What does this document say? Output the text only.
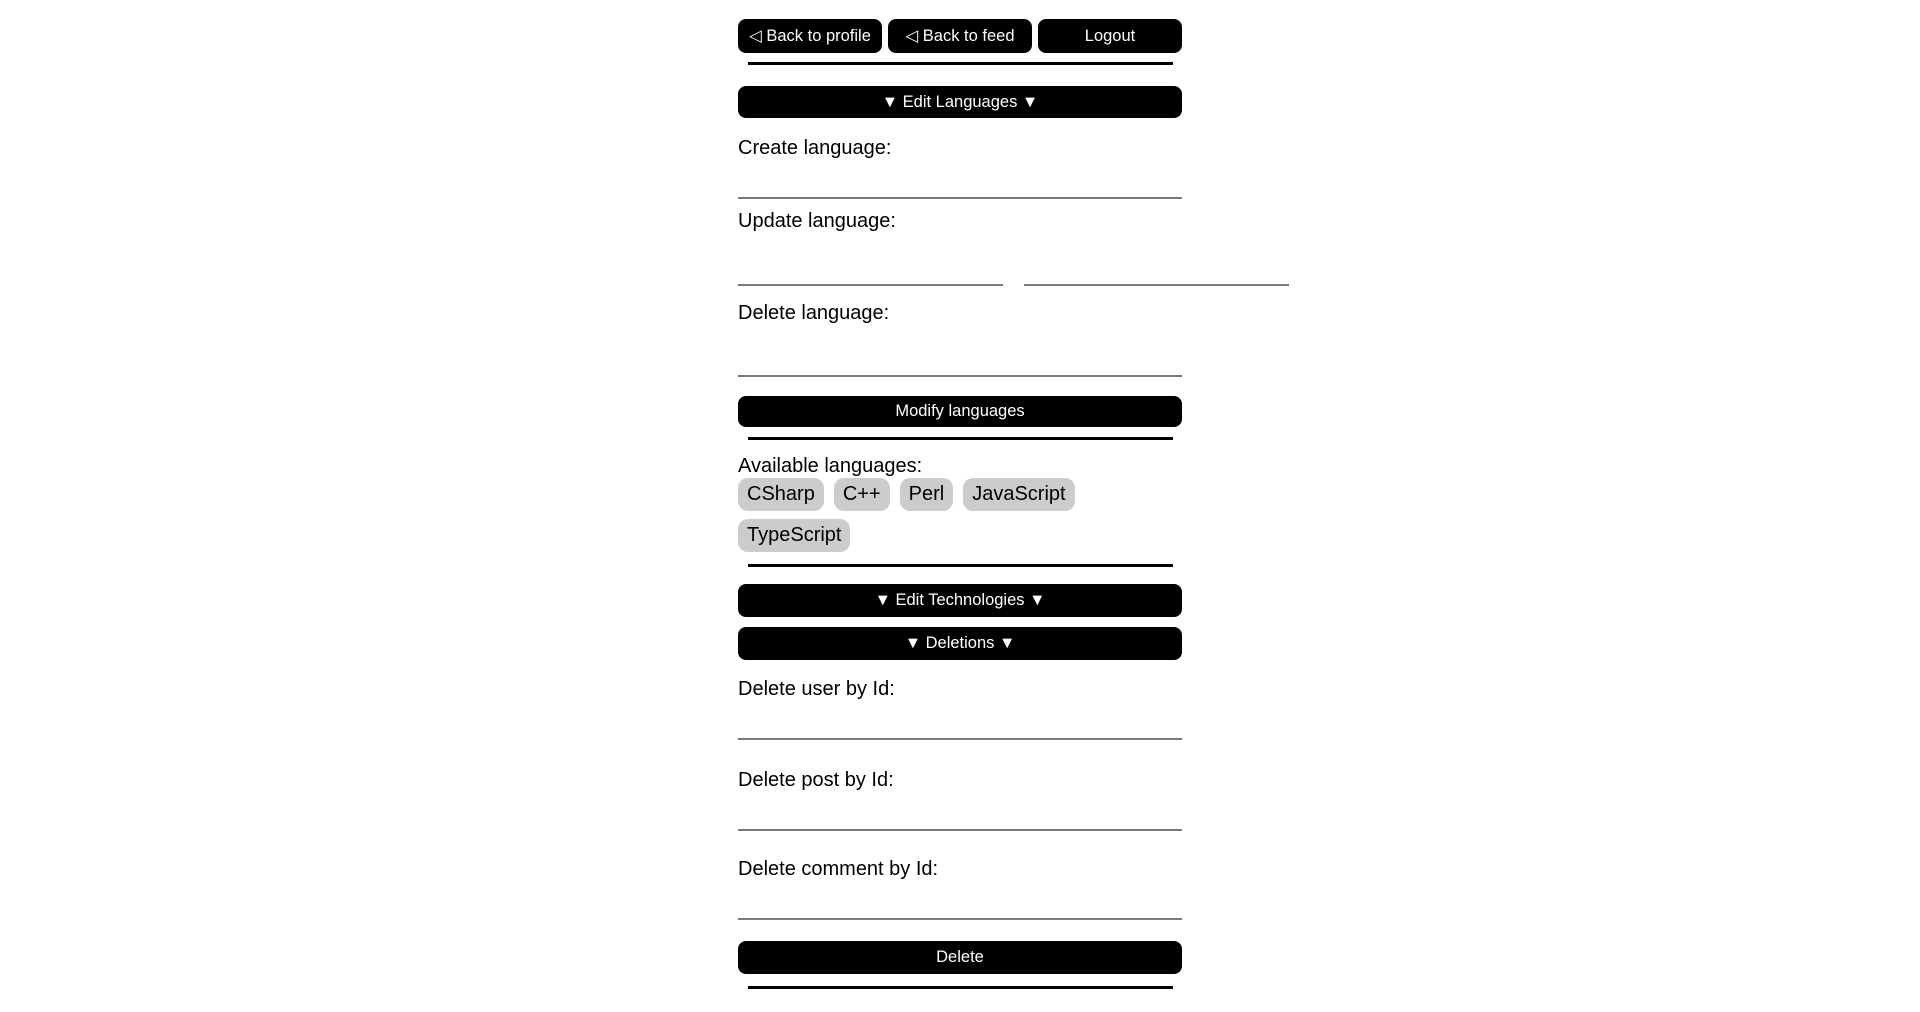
◁ Back to profile	◁ Back to feed	Logout
▼ Edit Languages ▼

Create language:

Update language:

Delete language:

Modify languages

Available languages:

CSharp	C++	Perl	JavaScript
TypeScript
▼ Edit Technologies ▼
▼ Deletions ▼

Delete user by Id:

Delete post by Id:

Delete comment by Id:

Delete
